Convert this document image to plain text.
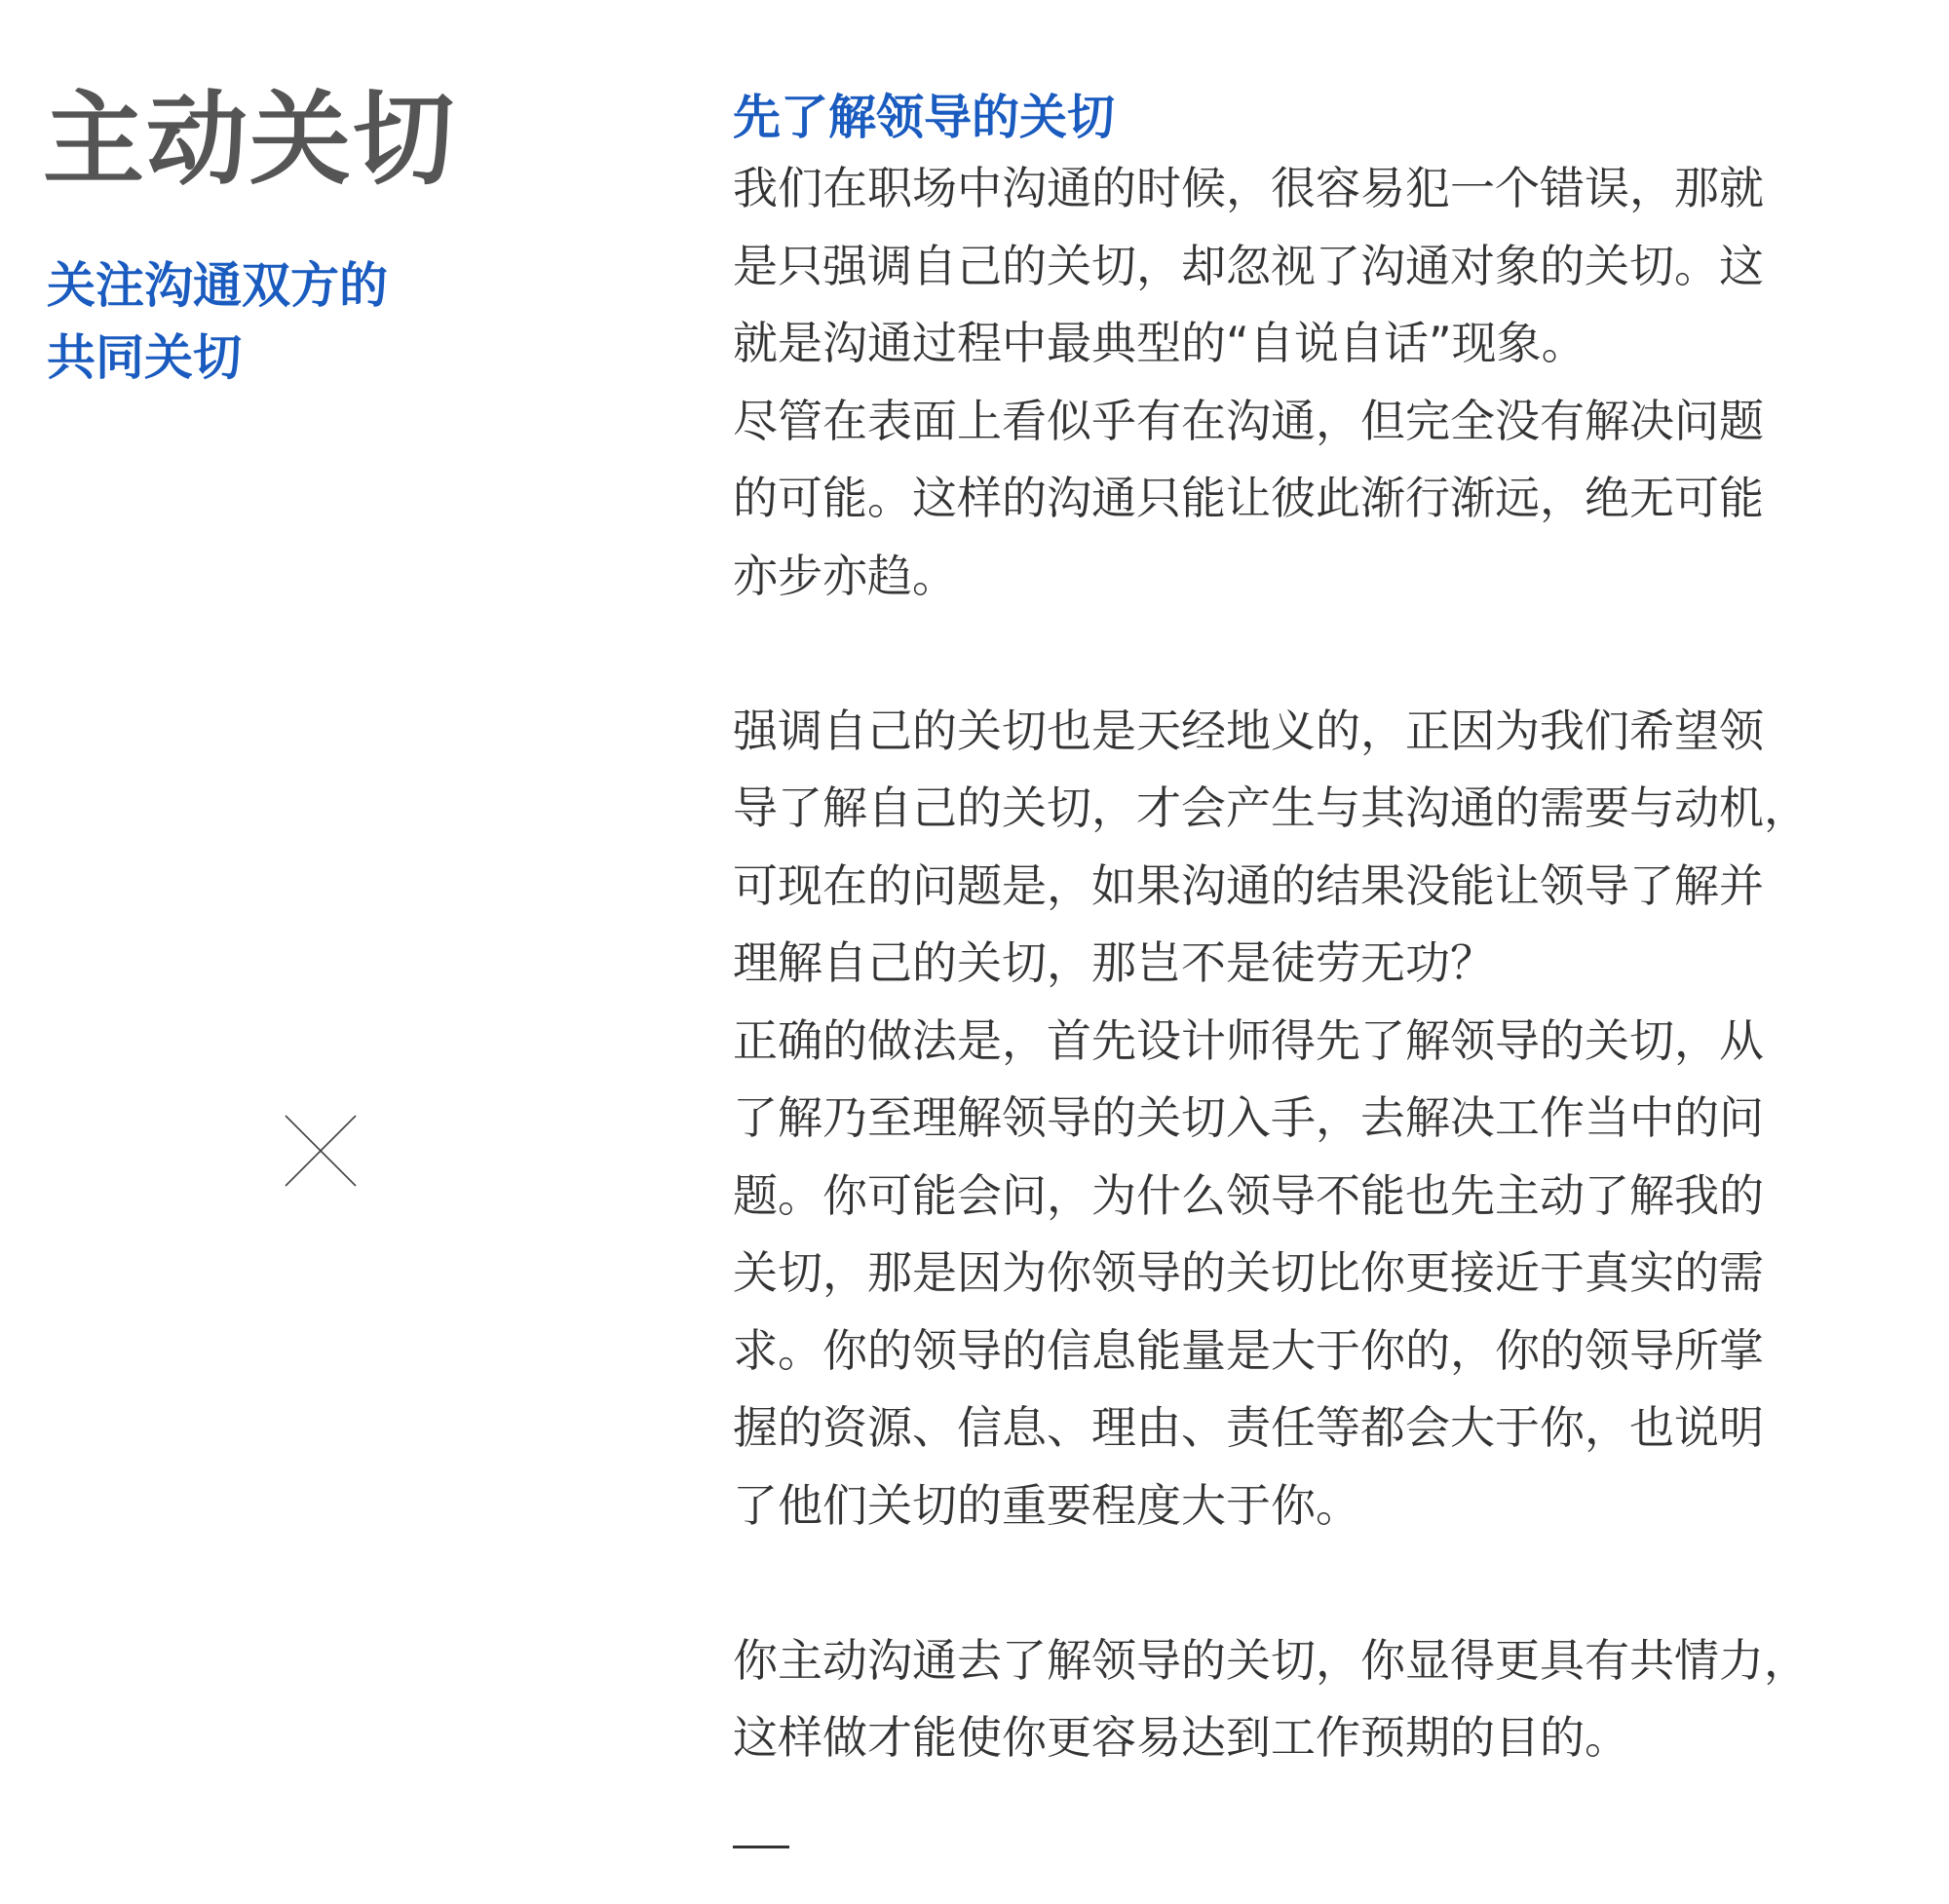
主动关切
关注沟通双方的
共同关切
先了解领导的关切

我们在职场中沟通的时候，很容易犯一个错误，那就
是只强调自己的关切，却忽视了沟通对象的关切。这
就是沟通过程中最典型的“自说自话”现象。

尽管在表面上看似乎有在沟通，但完全没有解决问题
的可能。这样的沟通只能让彼此渐行渐远，绝无可能
亦步亦趋。

强调自己的关切也是天经地义的，正因为我们希望领
导了解自己的关切，才会产生与其沟通的需要与动机，
可现在的问题是，如果沟通的结果没能让领导了解并
理解自己的关切，那岂不是徒劳无功？

正确的做法是，首先设计师得先了解领导的关切，从
了解乃至理解领导的关切入手，去解决工作当中的问
题。你可能会问，为什么领导不能也先主动了解我的
关切，那是因为你领导的关切比你更接近于真实的需
求。你的领导的信息能量是大于你的，你的领导所掌
握的资源、信息、理由、责任等都会大于你，也说明
了他们关切的重要程度大于你。

你主动沟通去了解领导的关切，你显得更具有共情力，
这样做才能使你更容易达到工作预期的目的。
